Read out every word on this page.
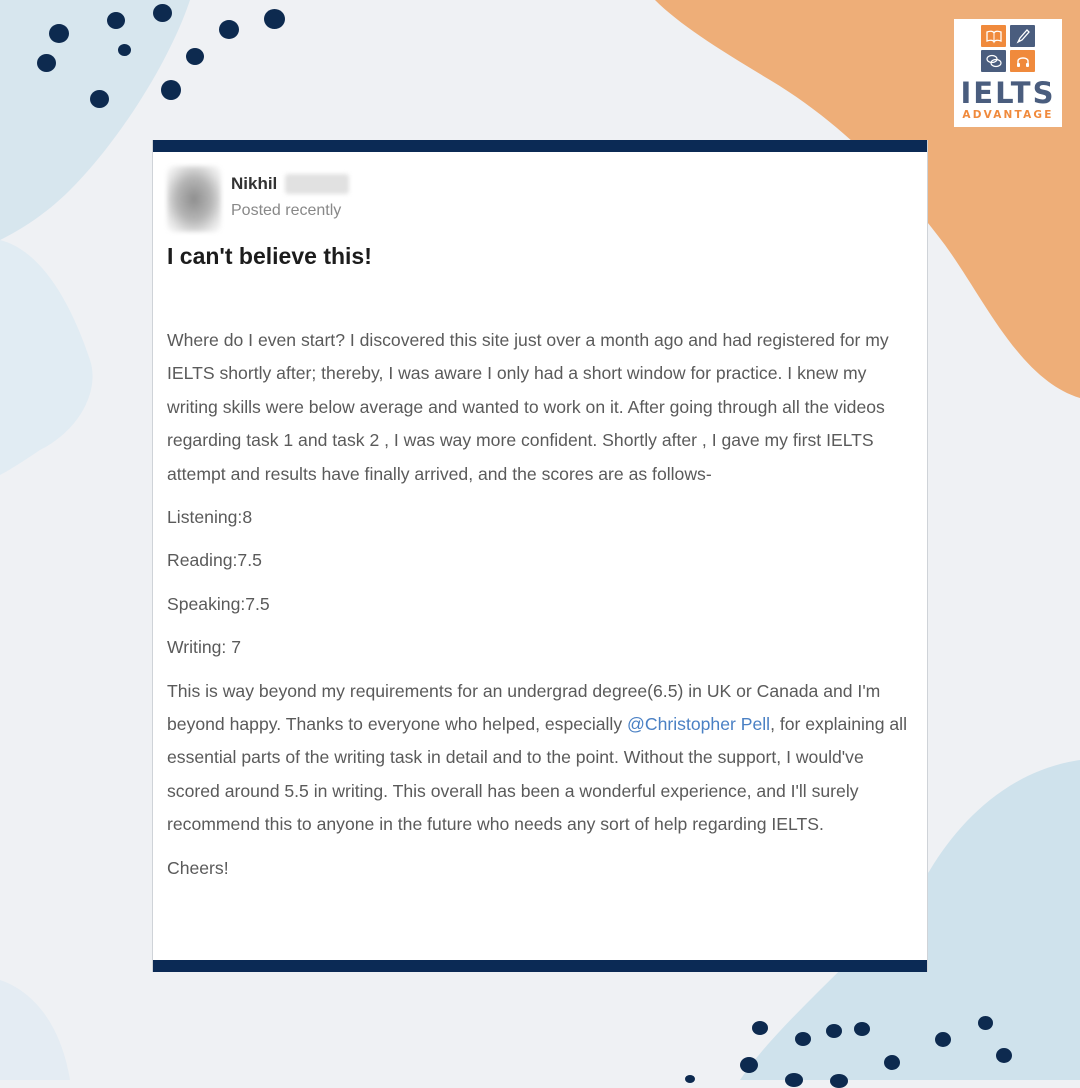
IELTS
ADVANTAGE
Nikhil
Posted recently
I can't believe this!

Where do I even start? I discovered this site just over a month ago and had registered for my IELTS shortly after; thereby, I was aware I only had a short window for practice. I knew my writing skills were below average and wanted to work on it. After going through all the videos regarding task 1 and task 2 , I was way more confident. Shortly after , I gave my first IELTS attempt and results have finally arrived, and the scores are as follows-

Listening:8

Reading:7.5

Speaking:7.5

Writing: 7

This is way beyond my requirements for an undergrad degree(6.5) in UK or Canada and I'm beyond happy. Thanks to everyone who helped, especially @Christopher Pell, for explaining all essential parts of the writing task in detail and to the point. Without the support, I would've scored around 5.5 in writing. This overall has been a wonderful experience, and I'll surely recommend this to anyone in the future who needs any sort of help regarding IELTS.

Cheers!
